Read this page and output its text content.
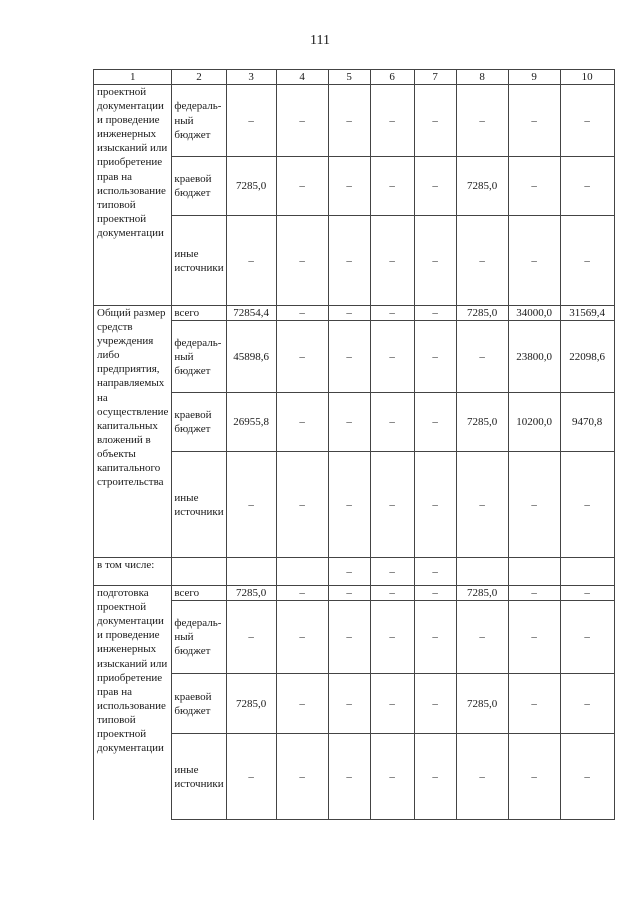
111
1	2	3	4	5	6	7	8	9	10
проектной документации и проведение инженерных изысканий или приобретение прав на использование типовой проектной документации	федераль-ный бюджет	–	–	–	–	–	–	–	–
	краевой бюджет	7285,0	–	–	–	–	7285,0	–	–
	иные источники	–	–	–	–	–	–	–	–
Общий размер средств учреждения либо предприятия, направляемых на осуществление капитальных вложений в объекты капитального строительства	всего	72854,4	–	–	–	–	7285,0	34000,0	31569,4
	федераль-ный бюджет	45898,6	–	–	–	–	–	23800,0	22098,6
	краевой бюджет	26955,8	–	–	–	–	7285,0	10200,0	9470,8
	иные источники	–	–	–	–	–	–	–	–
в том числе:				–	–	–			
подготовка проектной документации и проведение инженерных изысканий или приобретение прав на использование типовой проектной документации	всего	7285,0	–	–	–	–	7285,0	–	–
	федераль-ный бюджет	–	–	–	–	–	–	–	–
	краевой бюджет	7285,0	–	–	–	–	7285,0	–	–
	иные источники	–	–	–	–	–	–	–	–
